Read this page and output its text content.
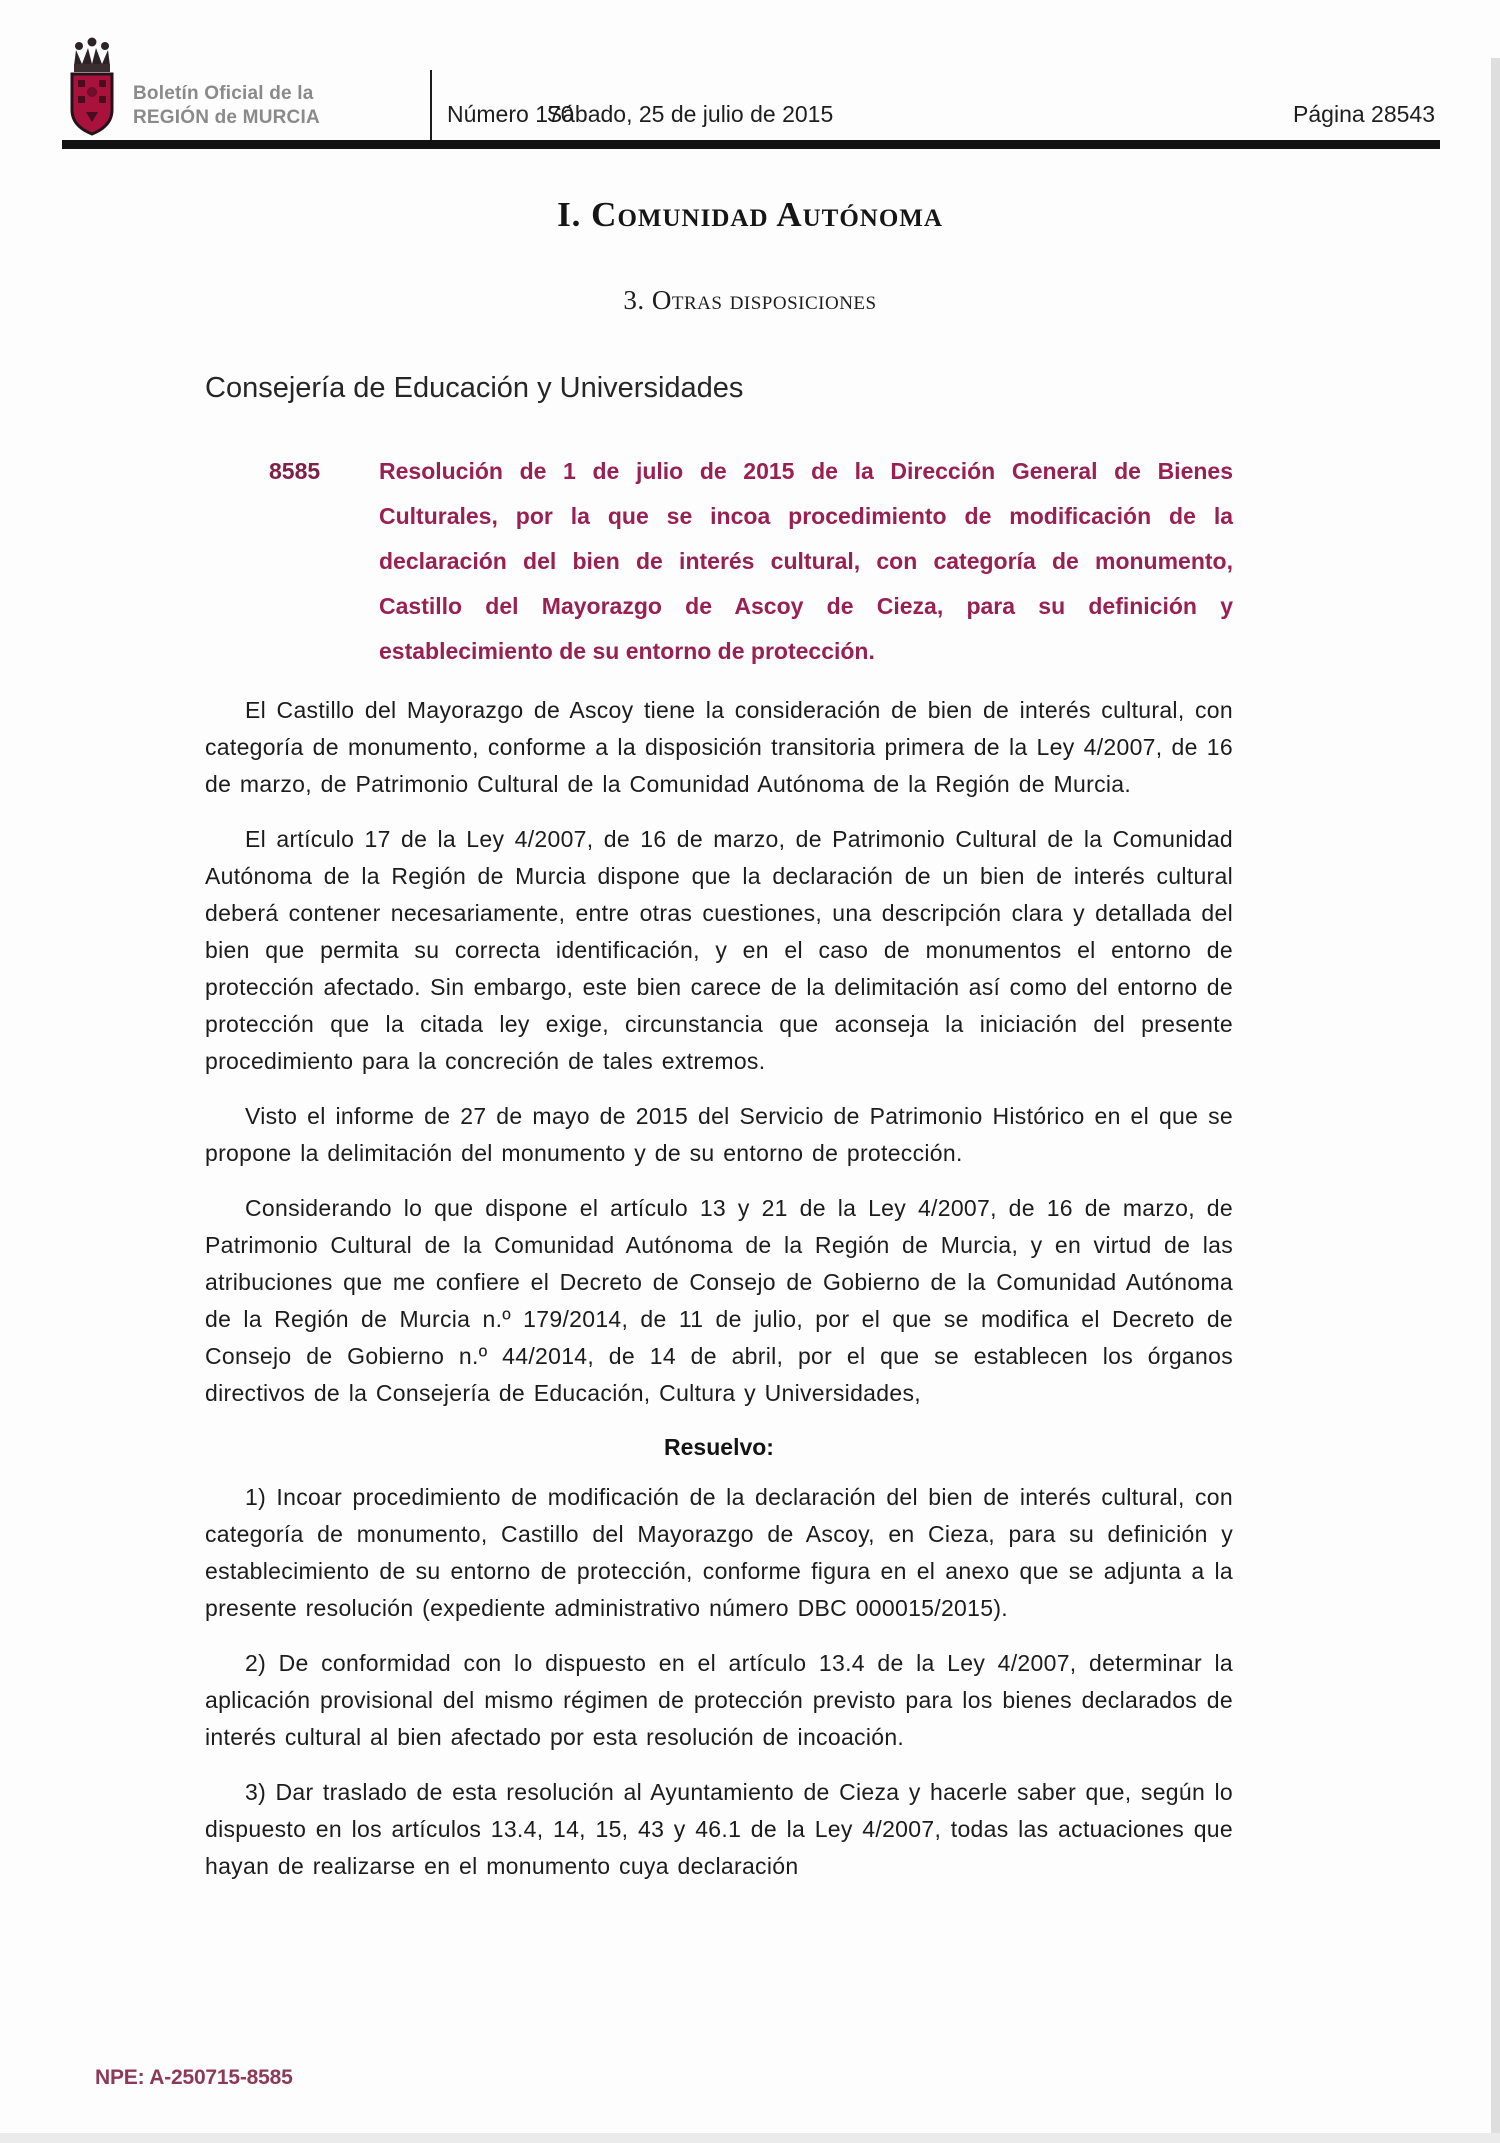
Boletín Oficial de la
REGIÓN de MURCIA	Número 170
Sábado, 25 de julio de 2015	Página 28543
I. Comunidad Autónoma
3. Otras disposiciones
Consejería de Educación y Universidades
8585	Resolución de 1 de julio de 2015 de la Dirección General de Bienes Culturales, por la que se incoa procedimiento de modificación de la declaración del bien de interés cultural, con categoría de monumento, Castillo del Mayorazgo de Ascoy de Cieza, para su definición y establecimiento de su entorno de protección.

El Castillo del Mayorazgo de Ascoy tiene la consideración de bien de interés cultural, con categoría de monumento, conforme a la disposición transitoria primera de la Ley 4/2007, de 16 de marzo, de Patrimonio Cultural de la Comunidad Autónoma de la Región de Murcia.

El artículo 17 de la Ley 4/2007, de 16 de marzo, de Patrimonio Cultural de la Comunidad Autónoma de la Región de Murcia dispone que la declaración de un bien de interés cultural deberá contener necesariamente, entre otras cuestiones, una descripción clara y detallada del bien que permita su correcta identificación, y en el caso de monumentos el entorno de protección afectado. Sin embargo, este bien carece de la delimitación así como del entorno de protección que la citada ley exige, circunstancia que aconseja la iniciación del presente procedimiento para la concreción de tales extremos.

Visto el informe de 27 de mayo de 2015 del Servicio de Patrimonio Histórico en el que se propone la delimitación del monumento y de su entorno de protección.

Considerando lo que dispone el artículo 13 y 21 de la Ley 4/2007, de 16 de marzo, de Patrimonio Cultural de la Comunidad Autónoma de la Región de Murcia, y en virtud de las atribuciones que me confiere el Decreto de Consejo de Gobierno de la Comunidad Autónoma de la Región de Murcia n.º 179/2014, de 11 de julio, por el que se modifica el Decreto de Consejo de Gobierno n.º 44/2014, de 14 de abril, por el que se establecen los órganos directivos de la Consejería de Educación, Cultura y Universidades,

Resuelvo:

1) Incoar procedimiento de modificación de la declaración del bien de interés cultural, con categoría de monumento, Castillo del Mayorazgo de Ascoy, en Cieza, para su definición y establecimiento de su entorno de protección, conforme figura en el anexo que se adjunta a la presente resolución (expediente administrativo número DBC 000015/2015).

2) De conformidad con lo dispuesto en el artículo 13.4 de la Ley 4/2007, determinar la aplicación provisional del mismo régimen de protección previsto para los bienes declarados de interés cultural al bien afectado por esta resolución de incoación.

3) Dar traslado de esta resolución al Ayuntamiento de Cieza y hacerle saber que, según lo dispuesto en los artículos 13.4, 14, 15, 43 y 46.1 de la Ley 4/2007, todas las actuaciones que hayan de realizarse en el monumento cuya declaración

NPE: A-250715-8585
